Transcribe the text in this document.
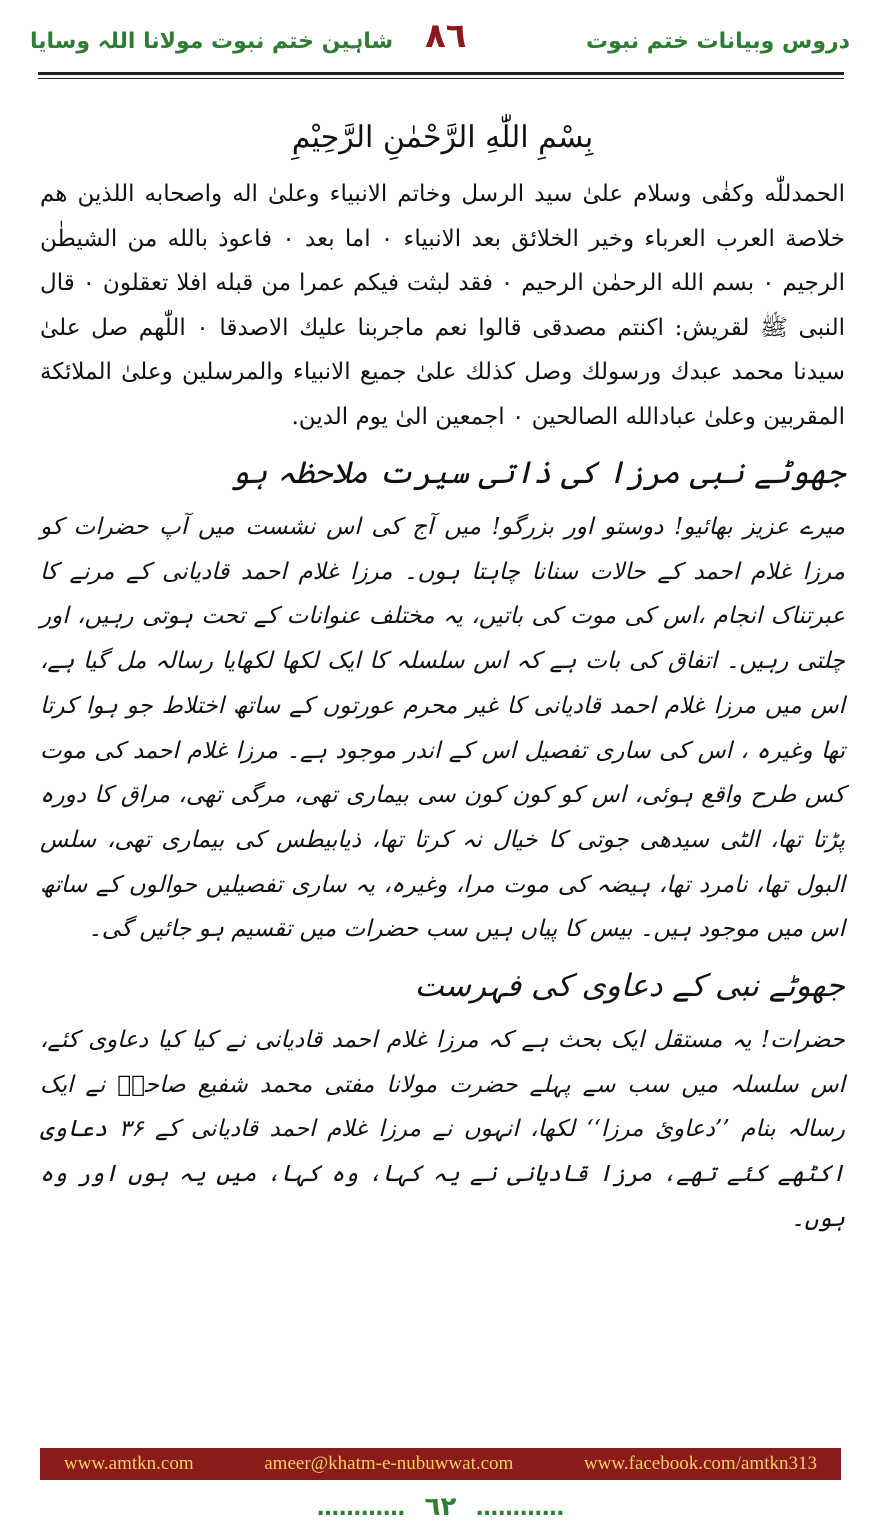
شاہین ختم نبوت مولانا اللہ وسایا ٨٦	دروس وبیانات ختم نبوت
بِسْمِ اللّٰهِ الرَّحْمٰنِ الرَّحِيْمِ

الحمدللّٰه وكفٰى وسلام علىٰ سيد الرسل وخاتم الانبياء وعلىٰ اله واصحابه اللذين هم خلاصة العرب العرباء وخير الخلائق بعد الانبياء ۰ اما بعد ۰ فاعوذ بالله من الشيطٰن الرجيم ۰ بسم الله الرحمٰن الرحيم ۰ فقد لبثت فيكم عمرا من قبله افلا تعقلون ۰ قال النبی ﷺ لقريش: اكنتم مصدقی قالوا نعم ماجربنا عليك الاصدقا ۰ اللّٰهم صل علىٰ سيدنا محمد عبدك ورسولك وصل كذلك علىٰ جميع الانبياء والمرسلين وعلىٰ الملائكة المقربين وعلىٰ عبادالله الصالحين ۰ اجمعين الىٰ يوم الدين.

جھوٹے نبی مرزا کی ذاتی سیرت ملاحظہ ہو

میرے عزیز بھائیو! دوستو اور بزرگو! میں آج کی اس نشست میں آپ حضرات کو مرزا غلام احمد کے حالات سنانا چاہتا ہوں۔ مرزا غلام احمد قادیانی کے مرنے کا عبرتناک انجام ،اس کی موت کی باتیں، یہ مختلف عنوانات کے تحت ہوتی رہیں، اور چلتی رہیں۔ اتفاق کی بات ہے کہ اس سلسلہ کا ایک لکھا لکھایا رسالہ مل گیا ہے، اس میں مرزا غلام احمد قادیانی کا غیر محرم عورتوں کے ساتھ اختلاط جو ہوا کرتا تھا وغیرہ ، اس کی ساری تفصیل اس کے اندر موجود ہے۔ مرزا غلام احمد کی موت کس طرح واقع ہوئی، اس کو کون کون سی بیماری تھی، مرگی تھی، مراق کا دورہ پڑتا تھا، الٹی سیدھی جوتی کا خیال نہ کرتا تھا، ذیابیطس کی بیماری تھی، سلس البول تھا، نامرد تھا، ہیضہ کی موت مرا، وغیرہ، یہ ساری تفصیلیں حوالوں کے ساتھ اس میں موجود ہیں۔ بیس کا پیاں ہیں سب حضرات میں تقسیم ہو جائیں گی۔

جھوٹے نبی کے دعاوی کی فہرست

حضرات! یہ مستقل ایک بحث ہے کہ مرزا غلام احمد قادیانی نے کیا کیا دعاوی کئے، اس سلسلہ میں سب سے پہلے حضرت مولانا مفتی محمد شفیع صاحبؒ نے ایک رسالہ بنام ’’دعاویٔ مرزا‘‘ لکھا، انہوں نے مرزا غلام احمد قادیانی کے ۳۶ دعاوی اکٹھے کئے تھے، مرزا قادیانی نے یہ کہا، وہ کہا، میں یہ ہوں اور وہ ہوں۔

www.amtkn.com	ameer@khatm-e-nubuwwat.com	www.facebook.com/amtkn313
………… ٦٢ …………
